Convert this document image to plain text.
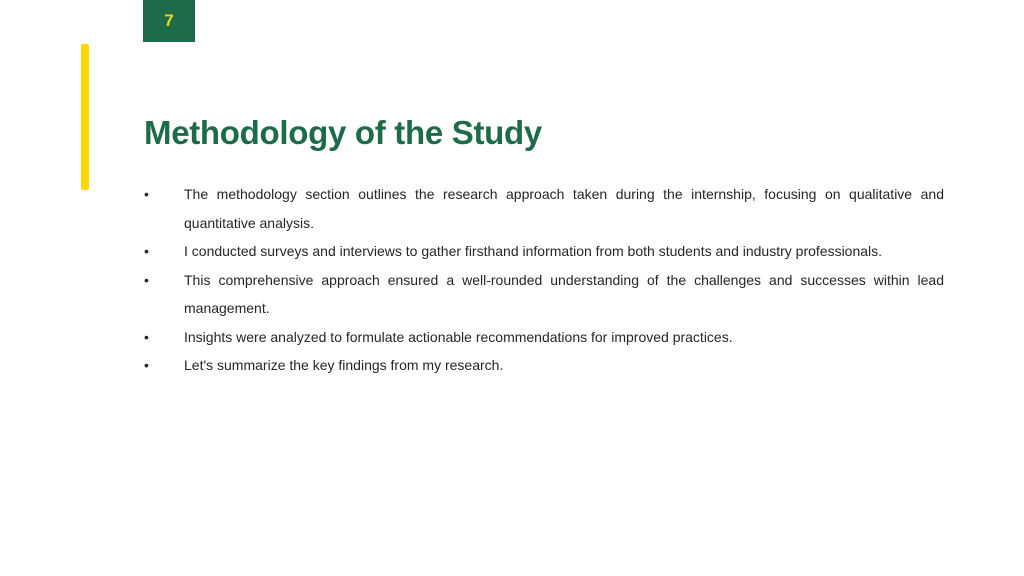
7
Methodology of the Study
•	The methodology section outlines the research approach taken during the internship, focusing on qualitative and quantitative analysis.
•	I conducted surveys and interviews to gather firsthand information from both students and industry professionals.
•	This comprehensive approach ensured a well-rounded understanding of the challenges and successes within lead management.
•	Insights were analyzed to formulate actionable recommendations for improved practices.
•	Let's summarize the key findings from my research.
